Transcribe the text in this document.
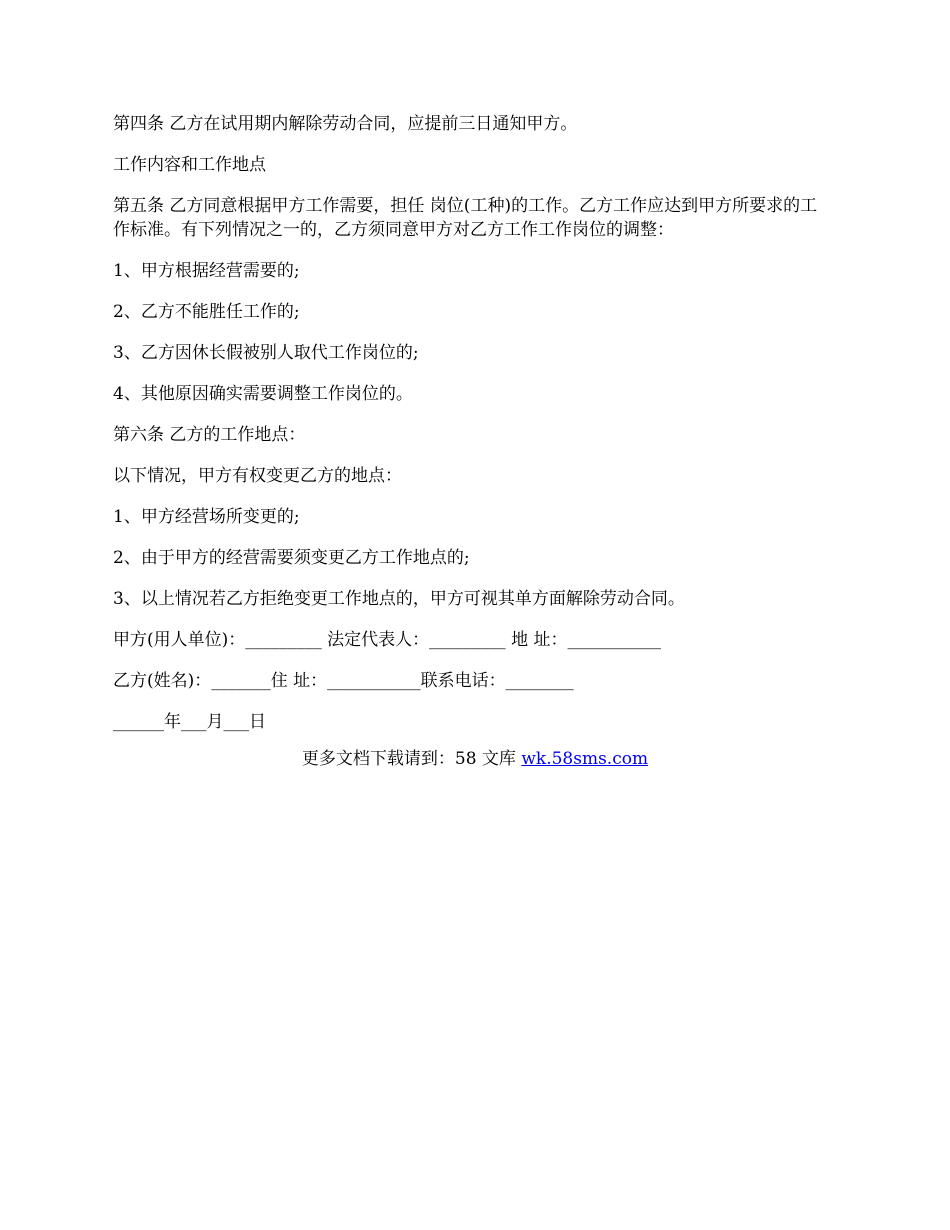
第四条 乙方在试用期内解除劳动合同，应提前三日通知甲方。

工作内容和工作地点

第五条 乙方同意根据甲方工作需要，担任 岗位(工种)的工作。乙方工作应达到甲方所要求的工作标准。有下列情况之一的，乙方须同意甲方对乙方工作工作岗位的调整：

1、甲方根据经营需要的;

2、乙方不能胜任工作的;

3、乙方因休长假被别人取代工作岗位的;

4、其他原因确实需要调整工作岗位的。

第六条 乙方的工作地点：

以下情况，甲方有权变更乙方的地点：

1、甲方经营场所变更的;

2、由于甲方的经营需要须变更乙方工作地点的;

3、以上情况若乙方拒绝变更工作地点的，甲方可视其单方面解除劳动合同。

甲方(用人单位)：_________ 法定代表人：_________ 地 址：___________

乙方(姓名)：_______住 址：___________联系电话：________

______年___月___日

更多文档下载请到：58 文库 wk.58sms.com
